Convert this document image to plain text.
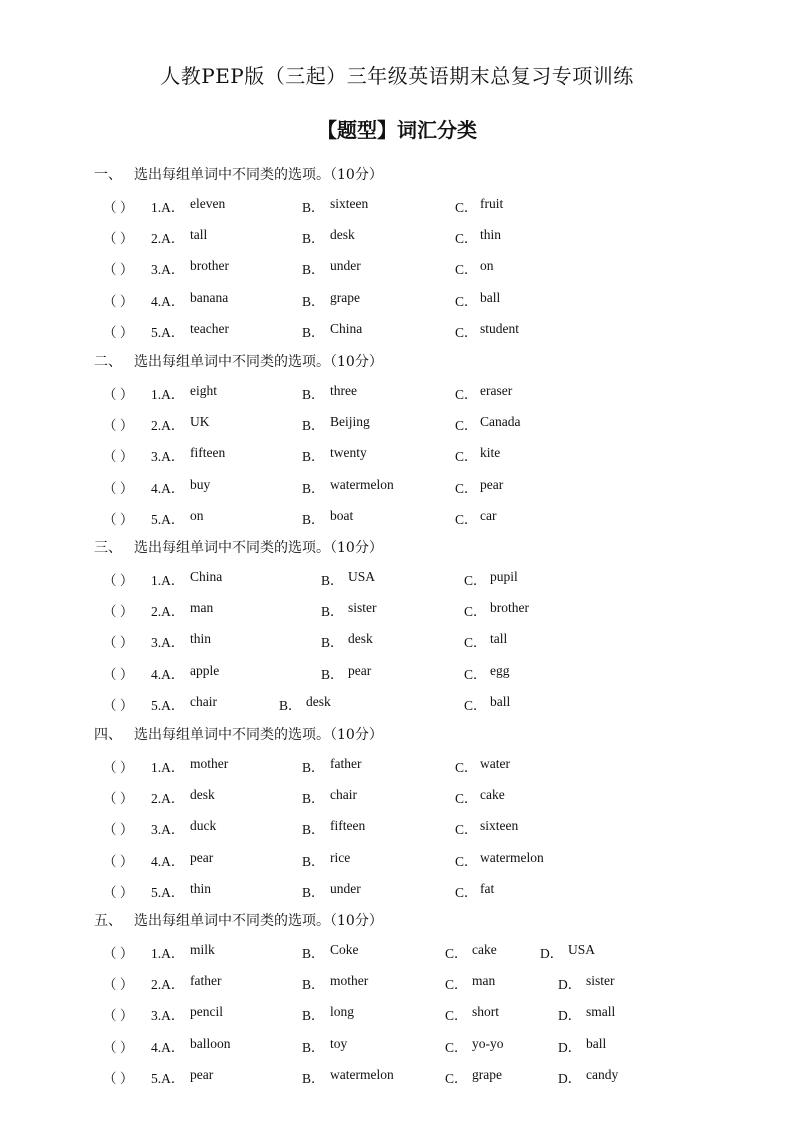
人教PEP版（三起）三年级英语期末总复习专项训练
【题型】词汇分类
一、 选出每组单词中不同类的选项。（10分）
（ ） 1.A． eleven	B． sixteen	C． fruit
（ ） 2.A． tall	B． desk	C． thin
（ ） 3.A． brother	B． under	C． on
（ ） 4.A． banana	B． grape	C． ball
（ ） 5.A． teacher	B． China	C． student
二、 选出每组单词中不同类的选项。（10分）
（ ） 1.A． eight	B． three	C． eraser
（ ） 2.A． UK	B． Beijing	C． Canada
（ ） 3.A． fifteen	B． twenty	C． kite
（ ） 4.A． buy	B． watermelon	C． pear
（ ） 5.A． on	B． boat	C． car
三、 选出每组单词中不同类的选项。（10分）
（ ） 1.A． China	B． USA	C． pupil
（ ） 2.A． man	B． sister	C． brother
（ ） 3.A． thin	B． desk	C． tall
（ ） 4.A． apple	B． pear	C． egg
（ ） 5.A． chair	B． desk	C． ball
四、 选出每组单词中不同类的选项。（10分）
（ ） 1.A． mother	B． father	C． water
（ ） 2.A． desk	B． chair	C． cake
（ ） 3.A． duck	B． fifteen	C． sixteen
（ ） 4.A． pear	B． rice	C． watermelon
（ ） 5.A． thin	B． under	C． fat
五、 选出每组单词中不同类的选项。（10分）
（ ） 1.A． milk	B． Coke	C． cake	D． USA
（ ） 2.A． father	B． mother	C． man	D． sister
（ ） 3.A． pencil	B． long	C． short	D． small
（ ） 4.A． balloon	B． toy	C． yo-yo	D． ball
（ ） 5.A． pear	B． watermelon	C． grape	D． candy
